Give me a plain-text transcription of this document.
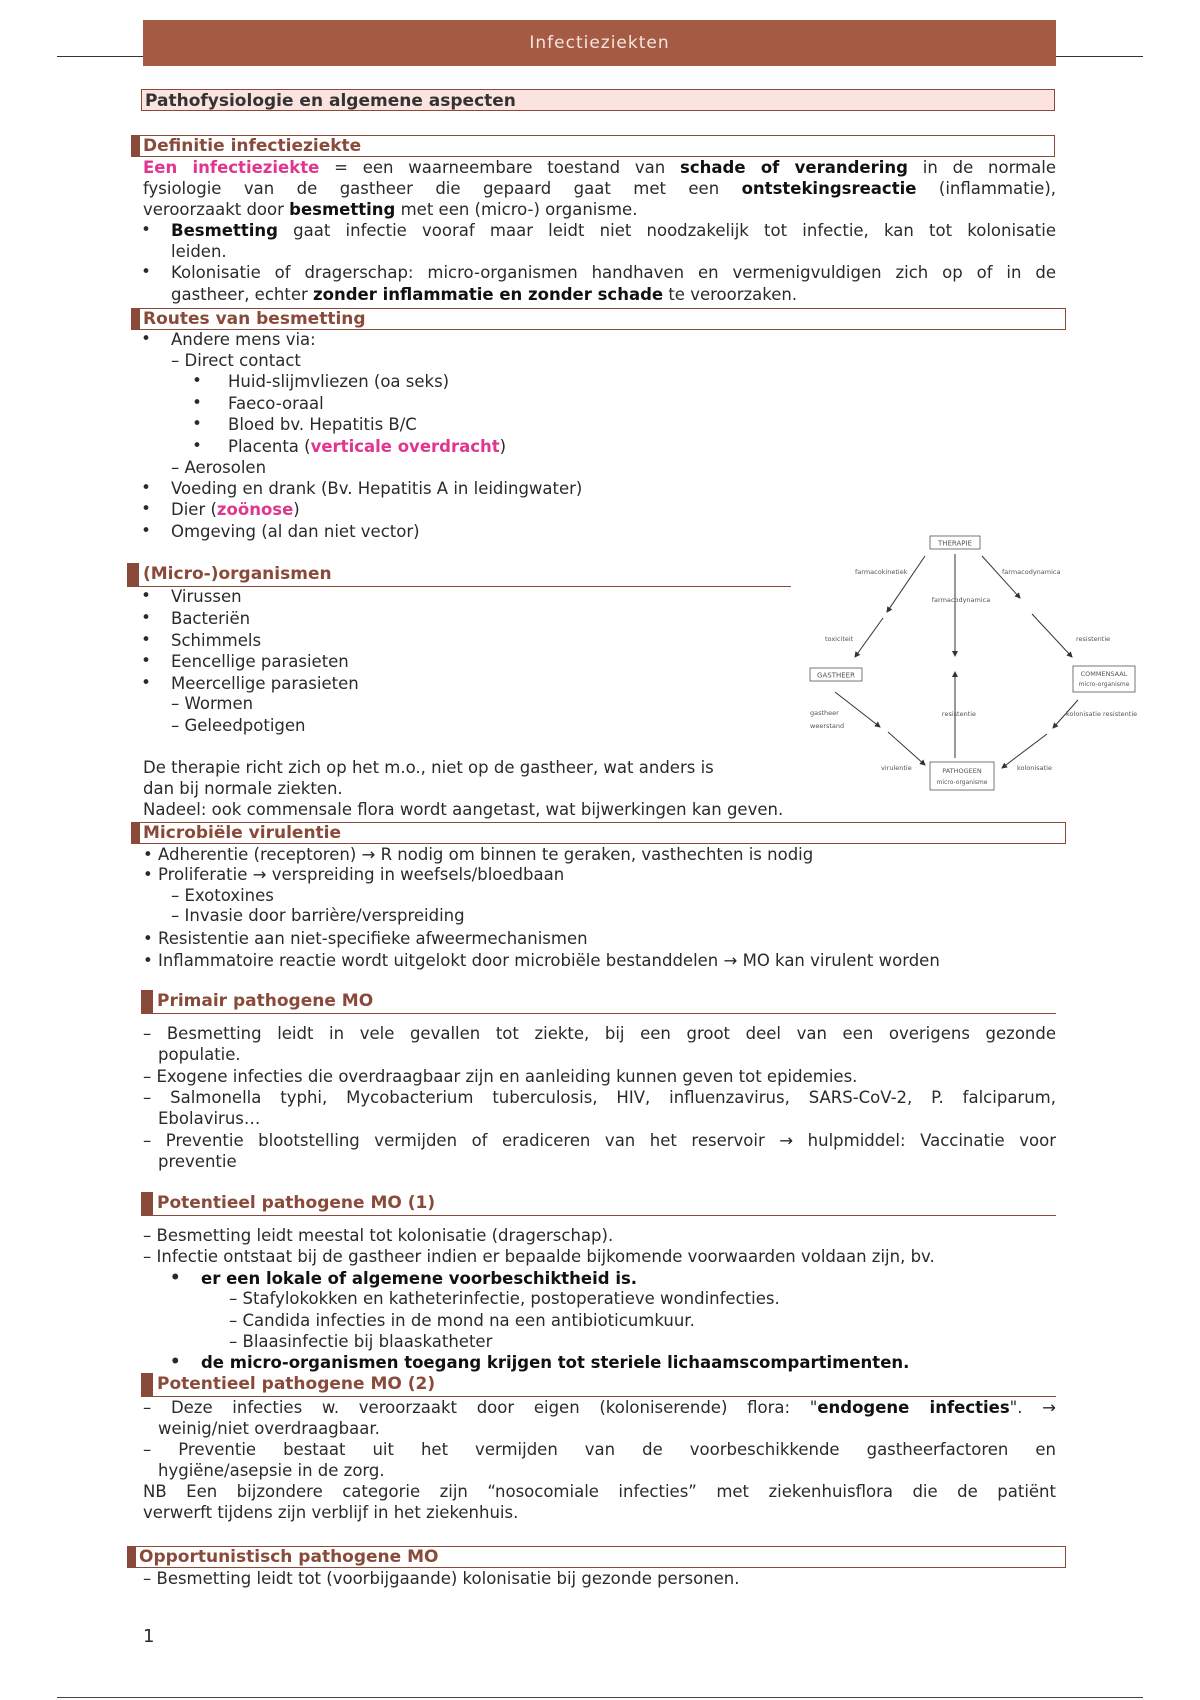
Infectieziekten
Pathofysiologie en algemene aspecten
Definitie infectieziekte
Een infectieziekte = een waarneembare toestand van schade of verandering in de normale
fysiologie van de gastheer die gepaard gaat met een ontstekingsreactie (inflammatie),
veroorzaakt door besmetting met een (micro-) organisme.
• Besmetting gaat infectie vooraf maar leidt niet noodzakelijk tot infectie, kan tot kolonisatie
leiden.
• Kolonisatie of dragerschap: micro-organismen handhaven en vermenigvuldigen zich op of in de
gastheer, echter zonder inflammatie en zonder schade te veroorzaken.
Routes van besmetting
• Andere mens via:
– Direct contact
• Huid-slijmvliezen (oa seks)
• Faeco-oraal
• Bloed bv. Hepatitis B/C
• Placenta (verticale overdracht)
– Aerosolen
• Voeding en drank (Bv. Hepatitis A in leidingwater)
• Dier (zoönose)
• Omgeving (al dan niet vector)
(Micro-)organismen
• Virussen
• Bacteriën
• Schimmels
• Eencellige parasieten
• Meercellige parasieten
– Wormen
– Geleedpotigen
De therapie richt zich op het m.o., niet op de gastheer, wat anders is
dan bij normale ziekten.
Nadeel: ook commensale flora wordt aangetast, wat bijwerkingen kan geven.
THERAPIE
GASTHEER	COMMENSAAL
micro-organisme
PATHOGEEN
micro-organisme
farmacokinetiek	farmacodynamica
farmacodynamica
toxiciteit	resistentie
resistentie
gastheer
weerstand
kolonisatie resistentie
virulentie	kolonisatie
Microbiële virulentie
• Adherentie (receptoren) → R nodig om binnen te geraken, vasthechten is nodig
• Proliferatie → verspreiding in weefsels/bloedbaan
– Exotoxines
– Invasie door barrière/verspreiding
• Resistentie aan niet-specifieke afweermechanismen
• Inflammatoire reactie wordt uitgelokt door microbiële bestanddelen → MO kan virulent worden
Primair pathogene MO
– Besmetting leidt in vele gevallen tot ziekte, bij een groot deel van een overigens gezonde
populatie.
– Exogene infecties die overdraagbaar zijn en aanleiding kunnen geven tot epidemies.
– Salmonella typhi, Mycobacterium tuberculosis, HIV, influenzavirus, SARS-CoV-2, P. falciparum,
Ebolavirus…
– Preventie blootstelling vermijden of eradiceren van het reservoir → hulpmiddel: Vaccinatie voor
preventie
Potentieel pathogene MO (1)
– Besmetting leidt meestal tot kolonisatie (dragerschap).
– Infectie ontstaat bij de gastheer indien er bepaalde bijkomende voorwaarden voldaan zijn, bv.
• er een lokale of algemene voorbeschiktheid is.
– Stafylokokken en katheterinfectie, postoperatieve wondinfecties.
– Candida infecties in de mond na een antibioticumkuur.
– Blaasinfectie bij blaaskatheter
• de micro-organismen toegang krijgen tot steriele lichaamscompartimenten.
Potentieel pathogene MO (2)
– Deze infecties w. veroorzaakt door eigen (koloniserende) flora: "endogene infecties". →
weinig/niet overdraagbaar.
– Preventie bestaat uit het vermijden van de voorbeschikkende gastheerfactoren en
hygiëne/asepsie in de zorg.
NB Een bijzondere categorie zijn “nosocomiale infecties” met ziekenhuisflora die de patiënt
verwerft tijdens zijn verblijf in het ziekenhuis.
Opportunistisch pathogene MO
– Besmetting leidt tot (voorbijgaande) kolonisatie bij gezonde personen.
1
